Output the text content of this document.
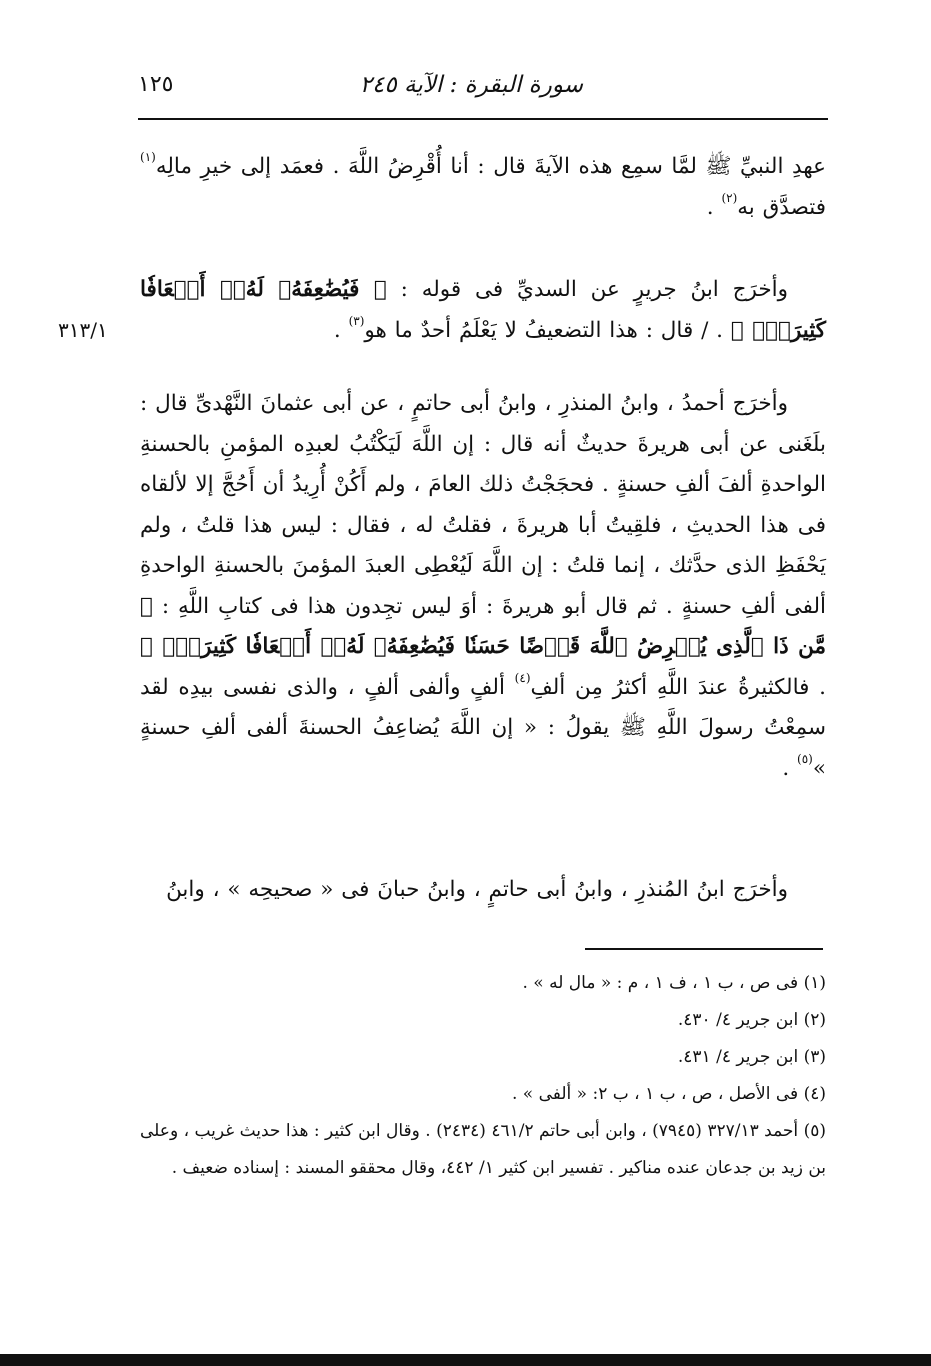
سورة البقرة : الآية ٢٤٥
١٢٥
٣١٣/١

عهدِ النبيِّ ﷺ لمَّا سمِع هذه الآيةَ قال : أنا أُقْرِضُ اللَّهَ . فعمَد إلى خيرِ مالِه$^{(١)}$ فتصدَّق به$^{(٢)}$ .

وأخرَج ابنُ جريرٍ عن السديِّ فى قوله : ﴿ فَيُضَٰعِفَهُۥ لَهُۥٓ أَضۡعَافٗا كَثِيرَةٗۚ ﴾ . / قال : هذا التضعيفُ لا يَعْلَمُ أحدٌ ما هو$^{(٣)}$ .

وأخرَج أحمدُ ، وابنُ المنذرِ ، وابنُ أبى حاتمٍ ، عن أبى عثمانَ النَّهْدىِّ قال : بلَغَنى عن أبى هريرةَ حديثٌ أنه قال : إن اللَّهَ لَيَكْتُبُ لعبدِه المؤمنِ بالحسنةِ الواحدةِ ألفَ ألفِ حسنةٍ . فحجَجْتُ ذلك العامَ ، ولم أَكُنْ أُرِيدُ أن أَحُجَّ إلا لألقاه فى هذا الحديثِ ، فلقِيتُ أبا هريرةَ ، فقلتُ له ، فقال : ليس هذا قلتُ ، ولم يَحْفَظِ الذى حدَّثك ، إنما قلتُ : إن اللَّهَ لَيُعْطِى العبدَ المؤمنَ بالحسنةِ الواحدةِ ألفى ألفِ حسنةٍ . ثم قال أبو هريرةَ : أوَ ليس تجِدون هذا فى كتابِ اللَّهِ : ﴿ مَّن ذَا ٱلَّذِى يُقۡرِضُ ٱللَّهَ قَرۡضًا حَسَنٗا فَيُضَٰعِفَهُۥ لَهُۥٓ أَضۡعَافٗا كَثِيرَةٗۚ ﴾ . فالكثيرةُ عندَ اللَّهِ أكثرُ مِن ألفِ$^{(٤)}$ ألفٍ وألفى ألفٍ ، والذى نفسى بيدِه لقد سمِعْتُ رسولَ اللَّهِ ﷺ يقولُ : « إن اللَّهَ يُضاعِفُ الحسنةَ ألفى ألفِ حسنةٍ »$^{(٥)}$ .

وأخرَج ابنُ المُنذرِ ، وابنُ أبى حاتمٍ ، وابنُ حبانَ فى « صحيحِه » ، وابنُ

(١) فى ص ، ب ١ ، ف ١ ، م : « مال له » .

(٢) ابن جرير ٤/ ٤٣٠.

(٣) ابن جرير ٤/ ٤٣١.

(٤) فى الأصل ، ص ، ب ١ ، ب ٢: « ألفى » .

(٥) أحمد ٣٢٧/١٣ (٧٩٤٥) ، وابن أبى حاتم ٤٦١/٢ (٢٤٣٤) . وقال ابن كثير : هذا حديث غريب ، وعلى بن زيد بن جدعان عنده مناكير . تفسير ابن كثير ١/ ٤٤٢، وقال محققو المسند : إسناده ضعيف .
